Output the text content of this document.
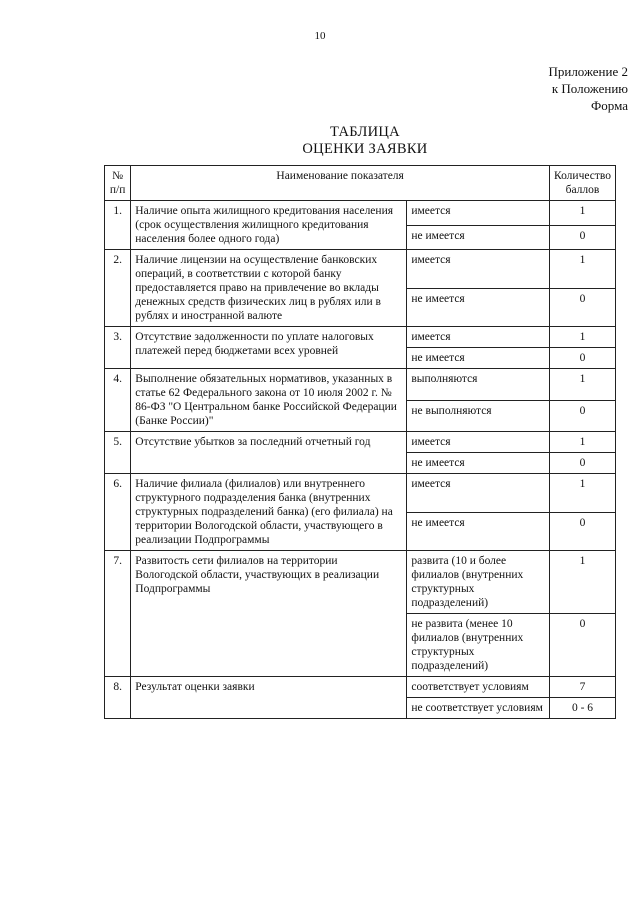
10
Приложение 2
к Положению
Форма
ТАБЛИЦА
ОЦЕНКИ ЗАЯВКИ
№ п/п	Наименование показателя		Количество баллов
1.	Наличие опыта жилищного кредитования населения (срок осуществления жилищного кредитования населения более одного года)	имеется	1
		не имеется	0
2.	Наличие лицензии на осуществление банковских операций, в соответствии с которой банку предоставляется право на привлечение во вклады денежных средств физических лиц в рублях или в рублях и иностранной валюте	имеется	1
		не имеется	0
3.	Отсутствие задолженности по уплате налоговых платежей перед бюджетами всех уровней	имеется	1
		не имеется	0
4.	Выполнение обязательных нормативов, указанных в статье 62 Федерального закона от 10 июля 2002 г. № 86-ФЗ "О Центральном банке Российской Федерации (Банке России)"	выполняются	1
		не выполняются	0
5.	Отсутствие убытков за последний отчетный год	имеется	1
		не имеется	0
6.	Наличие филиала (филиалов) или внутреннего структурного подразделения банка (внутренних структурных подразделений банка) (его филиала) на территории Вологодской области, участвующего в реализации Подпрограммы	имеется	1
		не имеется	0
7.	Развитость сети филиалов на территории Вологодской области, участвующих в реализации Подпрограммы	развита (10 и более филиалов (внутренних структурных подразделений)	1
		не развита (менее 10 филиалов (внутренних структурных подразделений)	0
8.	Результат оценки заявки	соответствует условиям	7
		не соответствует условиям	0 - 6
